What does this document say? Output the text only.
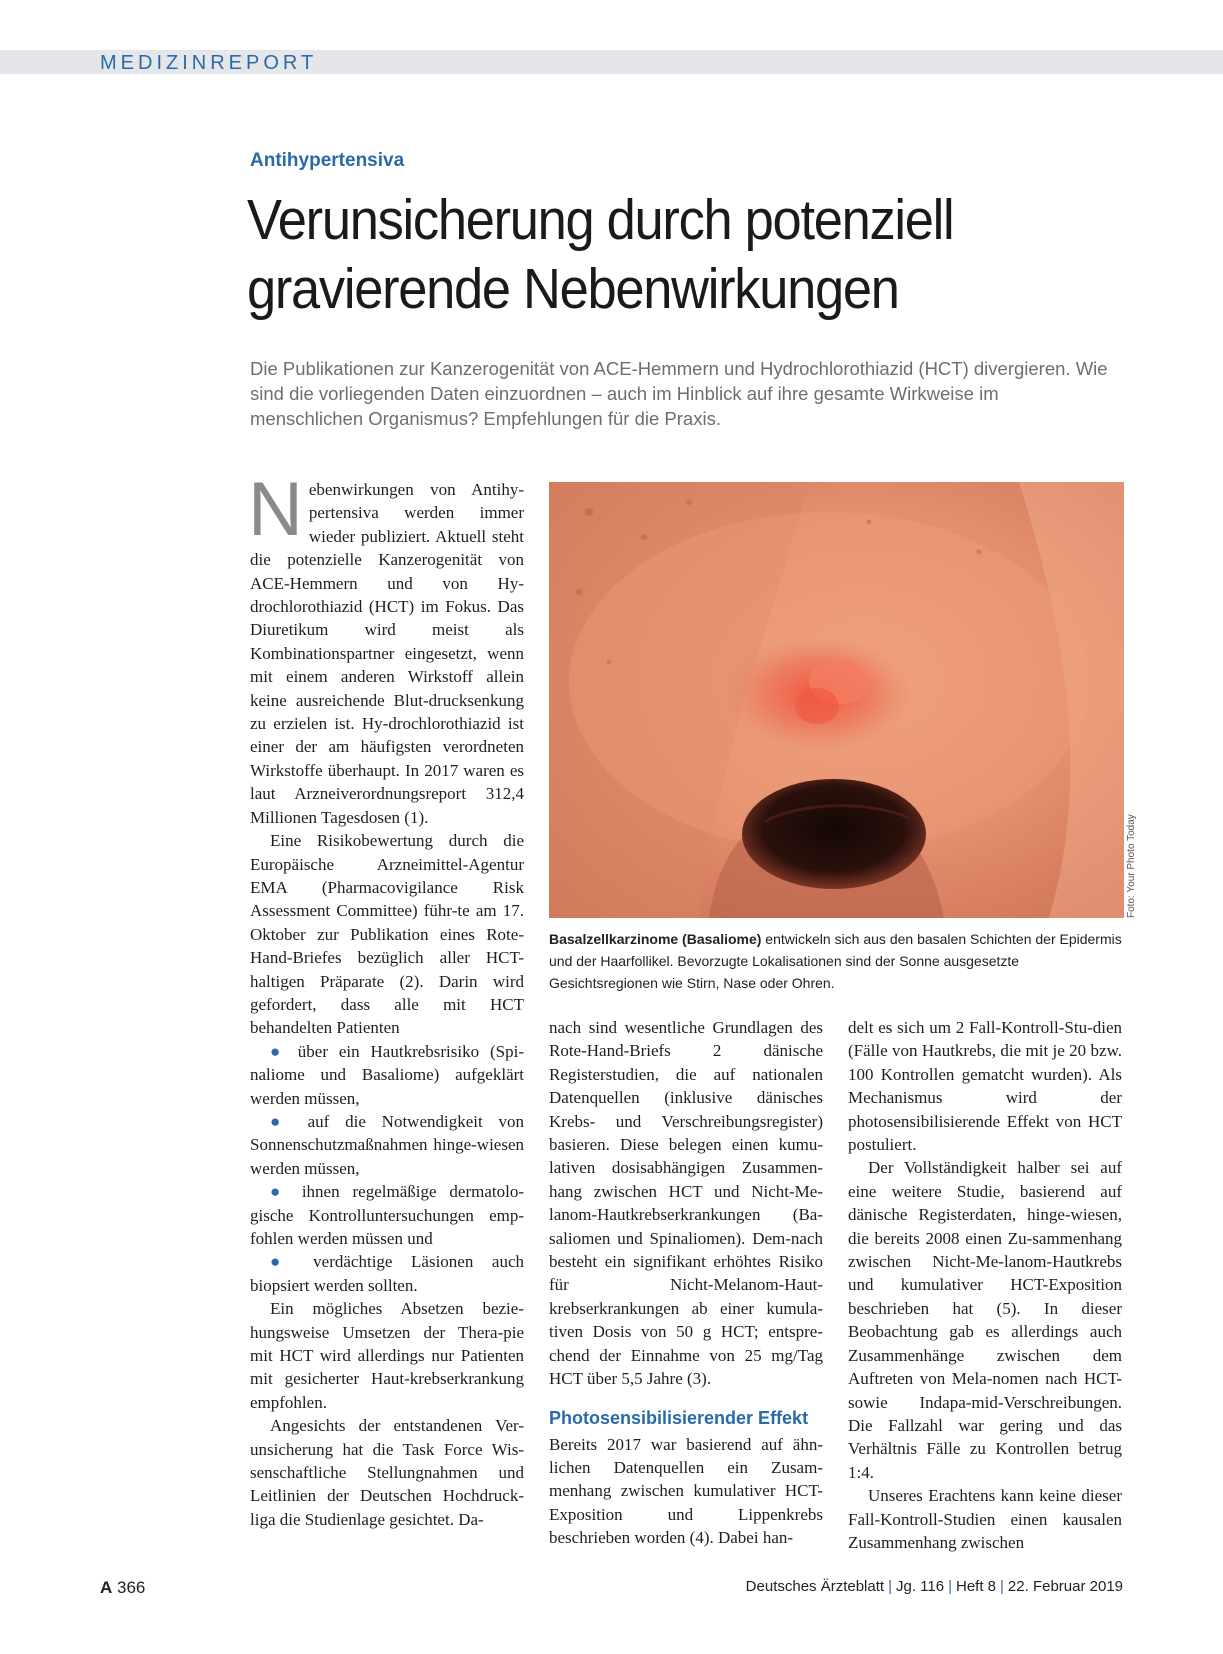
MEDIZINREPORT
Antihypertensiva
Verunsicherung durch potenziell
gravierende Nebenwirkungen
Die Publikationen zur Kanzerogenität von ACE-Hemmern und Hydrochlorothiazid (HCT) divergieren. Wie sind die vorliegenden Daten einzuordnen – auch im Hinblick auf ihre gesamte Wirkweise im menschlichen Organismus? Empfehlungen für die Praxis.

Nebenwirkungen von Antihy-pertensiva werden immer wieder publiziert. Aktuell steht die potenzielle Kanzerogenität von ACE-Hemmern und von Hy-drochlorothiazid (HCT) im Fokus. Das Diuretikum wird meist als Kombinationspartner eingesetzt, wenn mit einem anderen Wirkstoff allein keine ausreichende Blut-drucksenkung zu erzielen ist. Hy-drochlorothiazid ist einer der am häufigsten verordneten Wirkstoffe überhaupt. In 2017 waren es laut Arzneiverordnungsreport 312,4 Millionen Tagesdosen (1).

Eine Risikobewertung durch die Europäische Arzneimittel-Agentur EMA (Pharmacovigilance Risk Assessment Committee) führ-te am 17. Oktober zur Publikation eines Rote-Hand-Briefes bezüglich aller HCT-haltigen Präparate (2). Darin wird gefordert, dass alle mit HCT behandelten Patienten

● über ein Hautkrebsrisiko (Spi-naliome und Basaliome) aufgeklärt werden müssen,

● auf die Notwendigkeit von Sonnenschutzmaßnahmen hinge-wiesen werden müssen,

● ihnen regelmäßige dermatolo-gische Kontrolluntersuchungen emp-fohlen werden müssen und

● verdächtige Läsionen auch biopsiert werden sollten.

Ein mögliches Absetzen bezie-hungsweise Umsetzen der Thera-pie mit HCT wird allerdings nur Patienten mit gesicherter Haut-krebserkrankung empfohlen.

Angesichts der entstandenen Ver-unsicherung hat die Task Force Wis-senschaftliche Stellungnahmen und Leitlinien der Deutschen Hochdruck-liga die Studienlage gesichtet. Da-

Foto: Your Photo Today
Basalzellkarzinome (Basaliome) entwickeln sich aus den basalen Schichten der Epidermis und der Haarfollikel. Bevorzugte Lokalisationen sind der Sonne ausgesetzte Gesichtsregionen wie Stirn, Nase oder Ohren.

nach sind wesentliche Grundlagen des Rote-Hand-Briefs 2 dänische Registerstudien, die auf nationalen Datenquellen (inklusive dänisches Krebs- und Verschreibungsregister) basieren. Diese belegen einen kumu-lativen dosisabhängigen Zusammen-hang zwischen HCT und Nicht-Me-lanom-Hautkrebserkrankungen (Ba-saliomen und Spinaliomen). Dem-nach besteht ein signifikant erhöhtes Risiko für Nicht-Melanom-Haut-krebserkrankungen ab einer kumula-tiven Dosis von 50 g HCT; entspre-chend der Einnahme von 25 mg/Tag HCT über 5,5 Jahre (3).

Photosensibilisierender Effekt

Bereits 2017 war basierend auf ähn-lichen Datenquellen ein Zusam-menhang zwischen kumulativer HCT-Exposition und Lippenkrebs beschrieben worden (4). Dabei han-

delt es sich um 2 Fall-Kontroll-Stu-dien (Fälle von Hautkrebs, die mit je 20 bzw. 100 Kontrollen gematcht wurden). Als Mechanismus wird der photosensibilisierende Effekt von HCT postuliert.

Der Vollständigkeit halber sei auf eine weitere Studie, basierend auf dänische Registerdaten, hinge-wiesen, die bereits 2008 einen Zu-sammenhang zwischen Nicht-Me-lanom-Hautkrebs und kumulativer HCT-Exposition beschrieben hat (5). In dieser Beobachtung gab es allerdings auch Zusammenhänge zwischen dem Auftreten von Mela-nomen nach HCT- sowie Indapa-mid-Verschreibungen. Die Fallzahl war gering und das Verhältnis Fälle zu Kontrollen betrug 1:4.

Unseres Erachtens kann keine dieser Fall-Kontroll-Studien einen kausalen Zusammenhang zwischen

A 366	Deutsches Ärzteblatt | Jg. 116 | Heft 8 | 22. Februar 2019
